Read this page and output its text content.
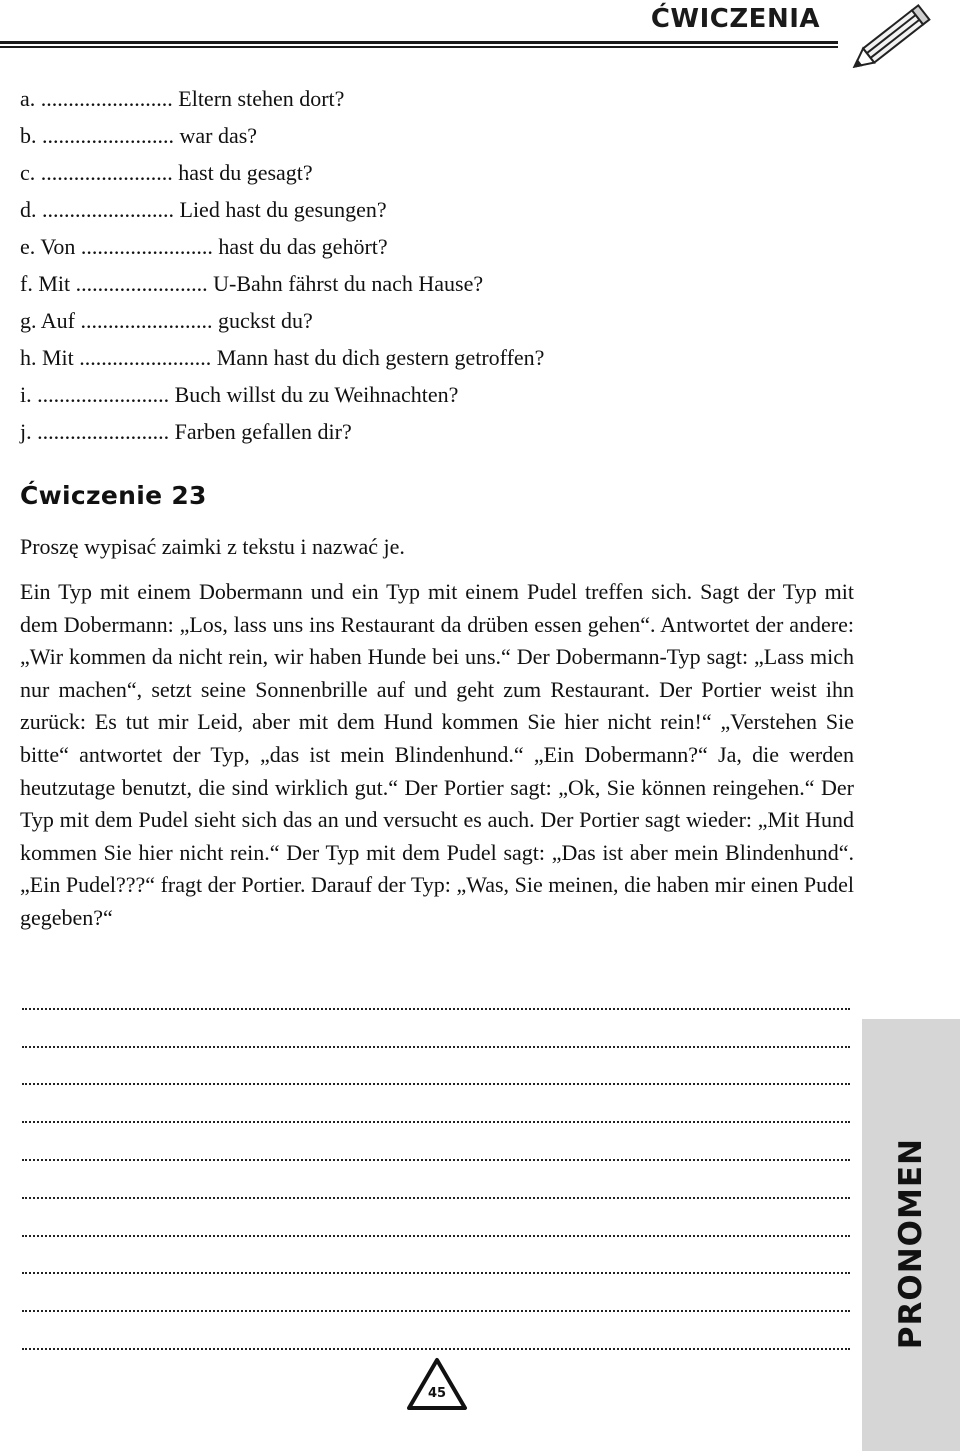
ĆWICZENIA
a. ........................ Eltern stehen dort?
b. ........................ war das?
c. ........................ hast du gesagt?
d. ........................ Lied hast du gesungen?
e. Von ........................ hast du das gehört?
f. Mit ........................ U-Bahn fährst du nach Hause?
g. Auf ........................ guckst du?
h. Mit ........................ Mann hast du dich gestern getroffen?
i. ........................ Buch willst du zu Weihnachten?
j. ........................ Farben gefallen dir?
Ćwiczenie 23

Proszę wypisać zaimki z tekstu i nazwać je.

Ein Typ mit einem Dobermann und ein Typ mit einem Pudel treffen sich. Sagt der Typ mit dem Dobermann: „Los, lass uns ins Restaurant da drüben essen gehen“. Antwortet der andere: „Wir kommen da nicht rein, wir haben Hunde bei uns.“ Der Dobermann-Typ sagt: „Lass mich nur machen“, setzt seine Sonnenbrille auf und geht zum Restaurant. Der Portier weist ihn zurück: Es tut mir Leid, aber mit dem Hund kommen Sie hier nicht rein!“ „Verstehen Sie bitte“ antwortet der Typ, „das ist mein Blindenhund.“ „Ein Dobermann?“ Ja, die werden heutzutage benutzt, die sind wirklich gut.“ Der Portier sagt: „Ok, Sie können reingehen.“ Der Typ mit dem Pudel sieht sich das an und versucht es auch. Der Portier sagt wieder: „Mit Hund kommen Sie hier nicht rein.“ Der Typ mit dem Pudel sagt: „Das ist aber mein Blindenhund“. „Ein Pudel???“ fragt der Portier. Darauf der Typ: „Was, Sie meinen, die haben mir einen Pudel gegeben?“

PRONOMEN
45
